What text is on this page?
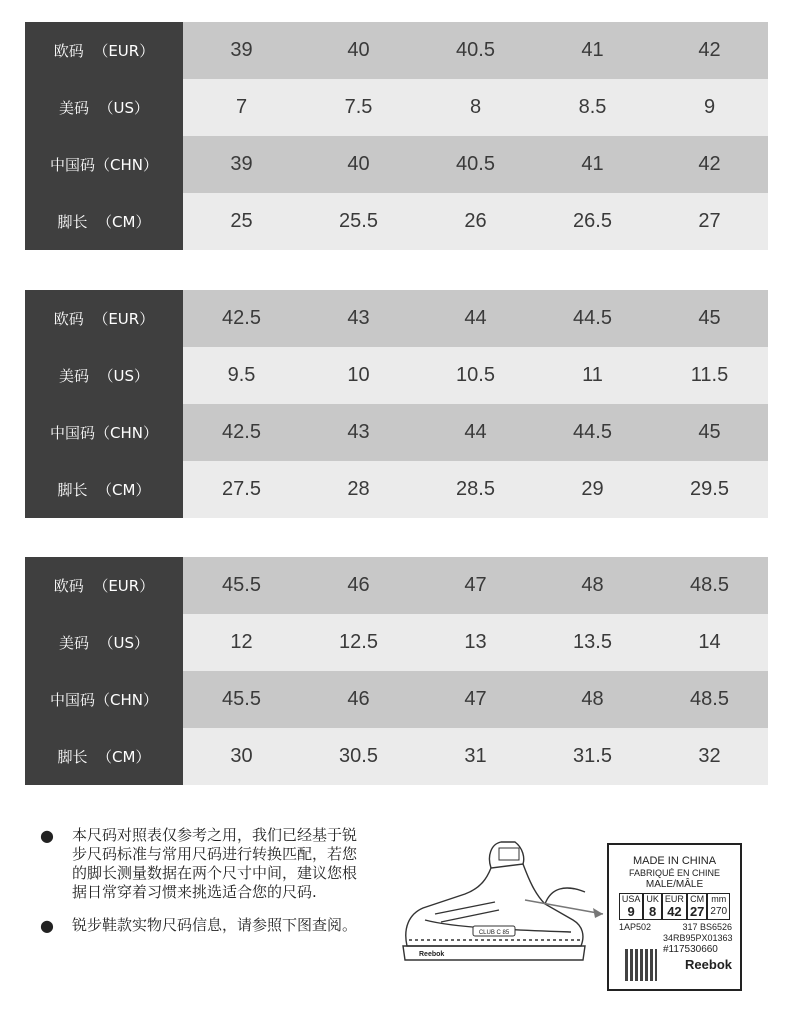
欧码  （EUR）	39	40	40.5	41	42
美码  （US）	7	7.5	8	8.5	9
中国码（CHN）	39	40	40.5	41	42
脚长  （CM）	25	25.5	26	26.5	27
欧码  （EUR）	42.5	43	44	44.5	45
美码  （US）	9.5	10	10.5	11	11.5
中国码（CHN）	42.5	43	44	44.5	45
脚长  （CM）	27.5	28	28.5	29	29.5
欧码  （EUR）	45.5	46	47	48	48.5
美码  （US）	12	12.5	13	13.5	14
中国码（CHN）	45.5	46	47	48	48.5
脚长  （CM）	30	30.5	31	31.5	32
●	本尺码对照表仅参考之用，我们已经基于锐步尺码标准与常用尺码进行转换匹配，若您的脚长测量数据在两个尺寸中间，建议您根据日常穿着习惯来挑选适合您的尺码.
●	锐步鞋款实物尺码信息，请参照下图查阅。	CLUB C 85
Reebok
MADE IN CHINA
FABRIQUÉ EN CHINE
MALE/MÂLE
USA
9
UK
8
EUR
42
CM
27
mm
270
1AP502	317 BS6526
34RB95PX01363
#117530660
Reebok
